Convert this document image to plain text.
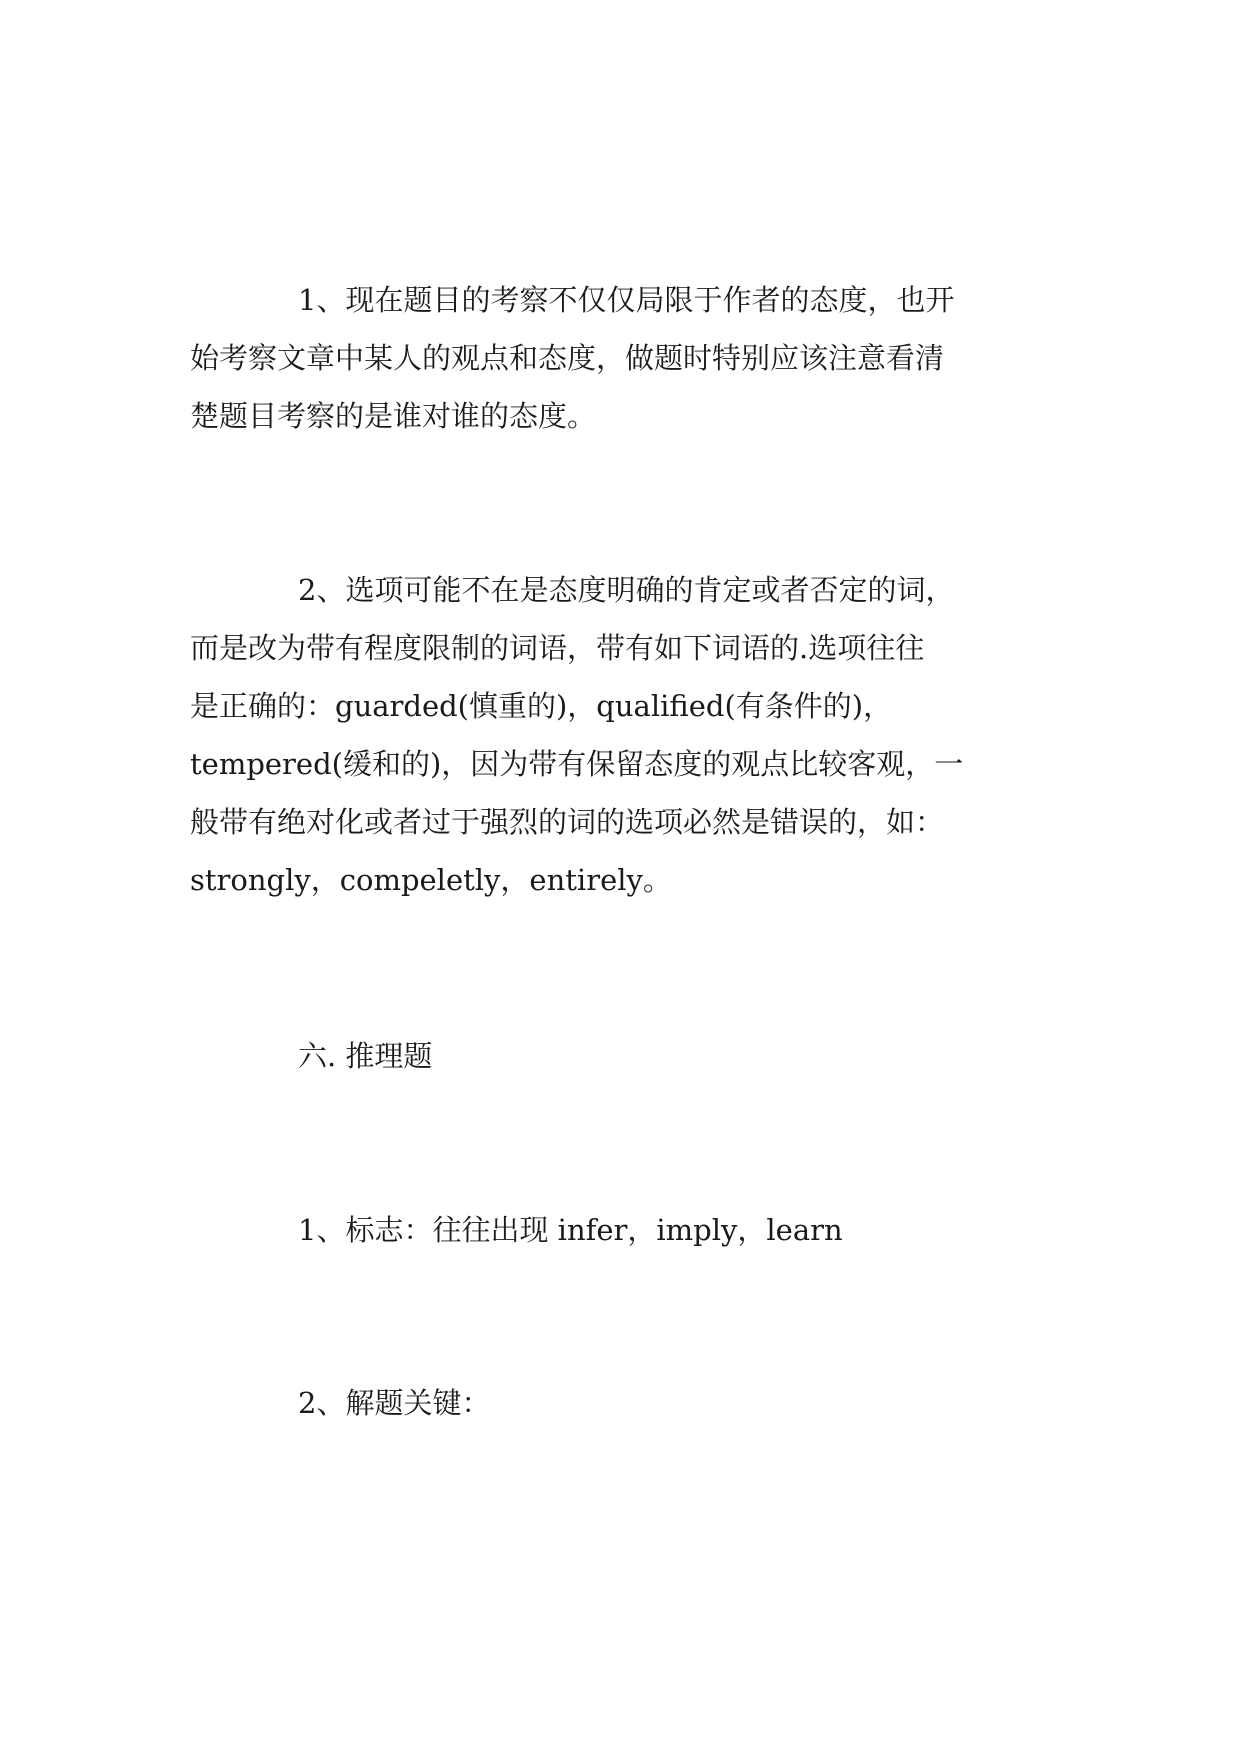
1、现在题目的考察不仅仅局限于作者的态度，也开
始考察文章中某人的观点和态度，做题时特别应该注意看清
楚题目考察的是谁对谁的态度。
2、选项可能不在是态度明确的肯定或者否定的词，
而是改为带有程度限制的词语，带有如下词语的.选项往往
是正确的：guarded(慎重的)，qualified(有条件的)，
tempered(缓和的)，因为带有保留态度的观点比较客观，一
般带有绝对化或者过于强烈的词的选项必然是错误的，如：
strongly，compeletly，entirely。
六. 推理题
1、标志：往往出现 infer，imply，learn
2、解题关键：
